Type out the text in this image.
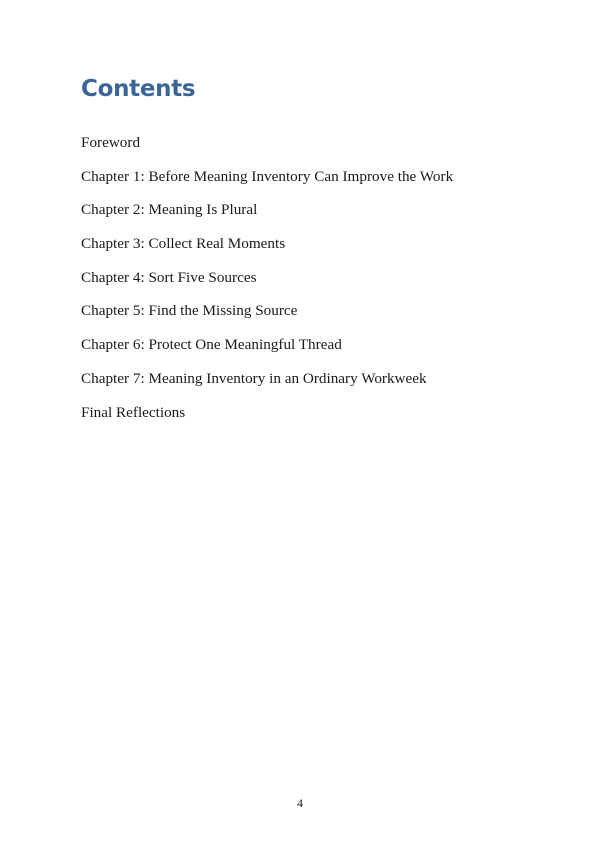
Contents
Foreword
Chapter 1: Before Meaning Inventory Can Improve the Work
Chapter 2: Meaning Is Plural
Chapter 3: Collect Real Moments
Chapter 4: Sort Five Sources
Chapter 5: Find the Missing Source
Chapter 6: Protect One Meaningful Thread
Chapter 7: Meaning Inventory in an Ordinary Workweek
Final Reflections
4
